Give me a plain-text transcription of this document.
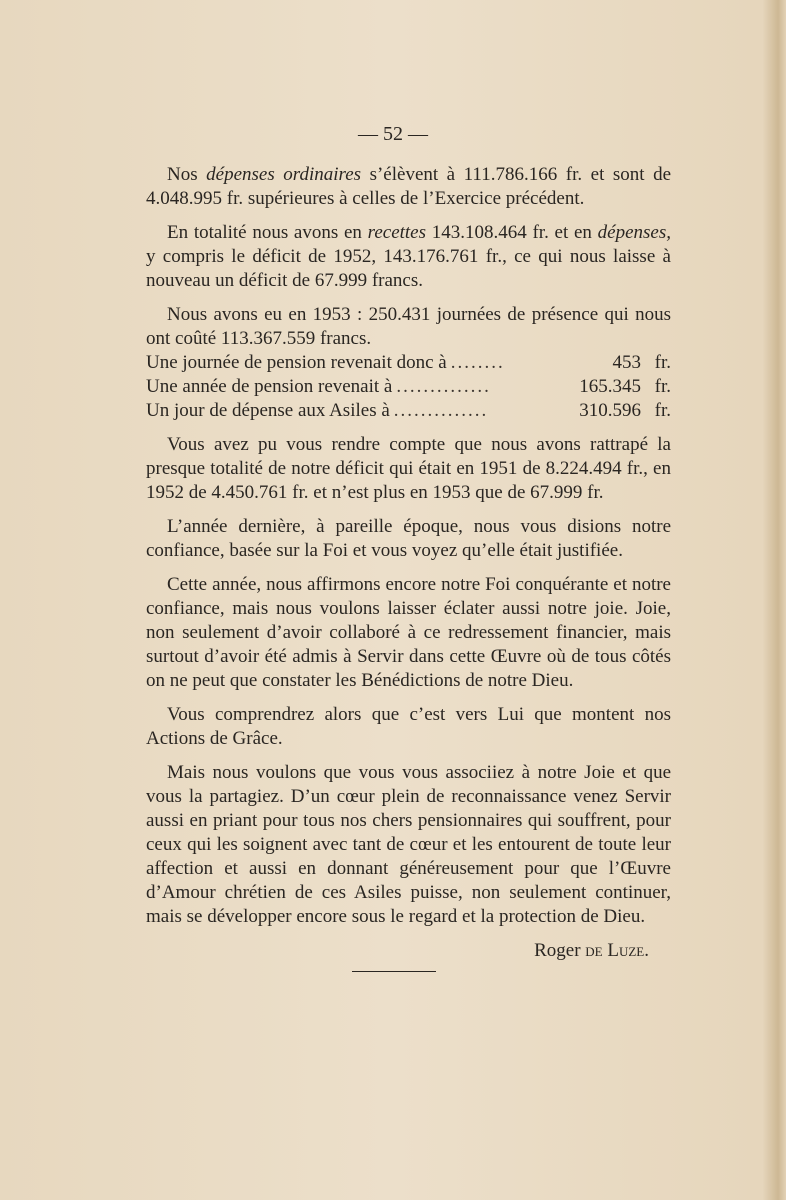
— 52 —

Nos dépenses ordinaires s’élèvent à 111.786.166 fr. et sont de 4.048.995 fr. supérieures à celles de l’Exercice précédent.

En totalité nous avons en recettes 143.108.464 fr. et en dépenses, y compris le déficit de 1952, 143.176.761 fr., ce qui nous laisse à nouveau un déficit de 67.999 francs.

Nous avons eu en 1953 : 250.431 journées de présence qui nous ont coûté 113.367.559 francs.

Une journée de pension revenait donc à ........	453 fr.
Une année de pension revenait à ..............	165.345 fr.
Un jour de dépense aux Asiles à ..............	310.596 fr.

Vous avez pu vous rendre compte que nous avons rattrapé la presque totalité de notre déficit qui était en 1951 de 8.224.494 fr., en 1952 de 4.450.761 fr. et n’est plus en 1953 que de 67.999 fr.

L’année dernière, à pareille époque, nous vous disions notre confiance, basée sur la Foi et vous voyez qu’elle était justifiée.

Cette année, nous affirmons encore notre Foi conquérante et notre confiance, mais nous voulons laisser éclater aussi notre joie. Joie, non seulement d’avoir collaboré à ce redressement financier, mais surtout d’avoir été admis à Servir dans cette Œuvre où de tous côtés on ne peut que constater les Bénédictions de notre Dieu.

Vous comprendrez alors que c’est vers Lui que montent nos Actions de Grâce.

Mais nous voulons que vous vous associiez à notre Joie et que vous la partagiez. D’un cœur plein de reconnaissance venez Servir aussi en priant pour tous nos chers pensionnaires qui souffrent, pour ceux qui les soignent avec tant de cœur et les entourent de toute leur affection et aussi en donnant généreusement pour que l’Œuvre d’Amour chrétien de ces Asiles puisse, non seulement continuer, mais se développer encore sous le regard et la protection de Dieu.

Roger de Luze.
